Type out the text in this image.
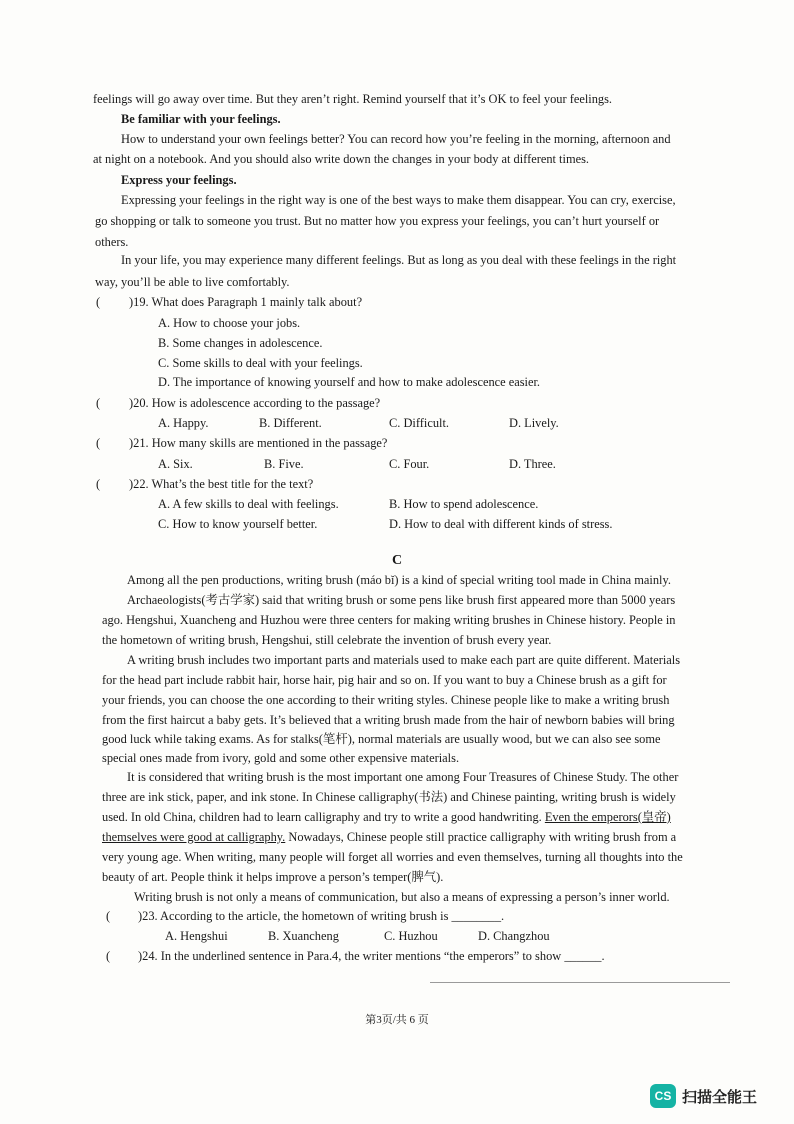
feelings will go away over time. But they aren’t right. Remind yourself that it’s OK to feel your feelings.
Be familiar with your feelings.
How to understand your own feelings better? You can record how you’re feeling in the morning, afternoon and
at night on a notebook. And you should also write down the changes in your body at different times.
Express your feelings.
Expressing your feelings in the right way is one of the best ways to make them disappear. You can cry, exercise,
go shopping or talk to someone you trust. But no matter how you express your feelings, you can’t hurt yourself or
others.
In your life, you may experience many different feelings. But as long as you deal with these feelings in the right
way, you’ll be able to live comfortably.
( )19. What does Paragraph 1 mainly talk about?
A. How to choose your jobs.
B. Some changes in adolescence.
C. Some skills to deal with your feelings.
D. The importance of knowing yourself and how to make adolescence easier.
( )20. How is adolescence according to the passage?
A. Happy.	B. Different.	C. Difficult.	D. Lively.
( )21. How many skills are mentioned in the passage?
A. Six.	B. Five.	C. Four.	D. Three.
( )22. What’s the best title for the text?
A. A few skills to deal with feelings.	B. How to spend adolescence.
C. How to know yourself better.	D. How to deal with different kinds of stress.
C
Among all the pen productions, writing brush (máo bǐ) is a kind of special writing tool made in China mainly.
Archaeologists(考古学家) said that writing brush or some pens like brush first appeared more than 5000 years
ago. Hengshui, Xuancheng and Huzhou were three centers for making writing brushes in Chinese history. People in
the hometown of writing brush, Hengshui, still celebrate the invention of brush every year.
A writing brush includes two important parts and materials used to make each part are quite different. Materials
for the head part include rabbit hair, horse hair, pig hair and so on. If you want to buy a Chinese brush as a gift for
your friends, you can choose the one according to their writing styles. Chinese people like to make a writing brush
from the first haircut a baby gets. It’s believed that a writing brush made from the hair of newborn babies will bring
good luck while taking exams. As for stalks(笔杆), normal materials are usually wood, but we can also see some
special ones made from ivory, gold and some other expensive materials.
It is considered that writing brush is the most important one among Four Treasures of Chinese Study. The other
three are ink stick, paper, and ink stone. In Chinese calligraphy(书法) and Chinese painting, writing brush is widely
used. In old China, children had to learn calligraphy and try to write a good handwriting. Even the emperors(皇帝)
themselves were good at calligraphy. Nowadays, Chinese people still practice calligraphy with writing brush from a
very young age. When writing, many people will forget all worries and even themselves, turning all thoughts into the
beauty of art. People think it helps improve a person’s temper(脾气).
Writing brush is not only a means of communication, but also a means of expressing a person’s inner world.
( )23. According to the article, the hometown of writing brush is ________.
A. Hengshui	B. Xuancheng	C. Huzhou	D. Changzhou
( )24. In the underlined sentence in Para.4, the writer mentions “the emperors” to show ______.
第3页/共 6 页
CS 扫描全能王
